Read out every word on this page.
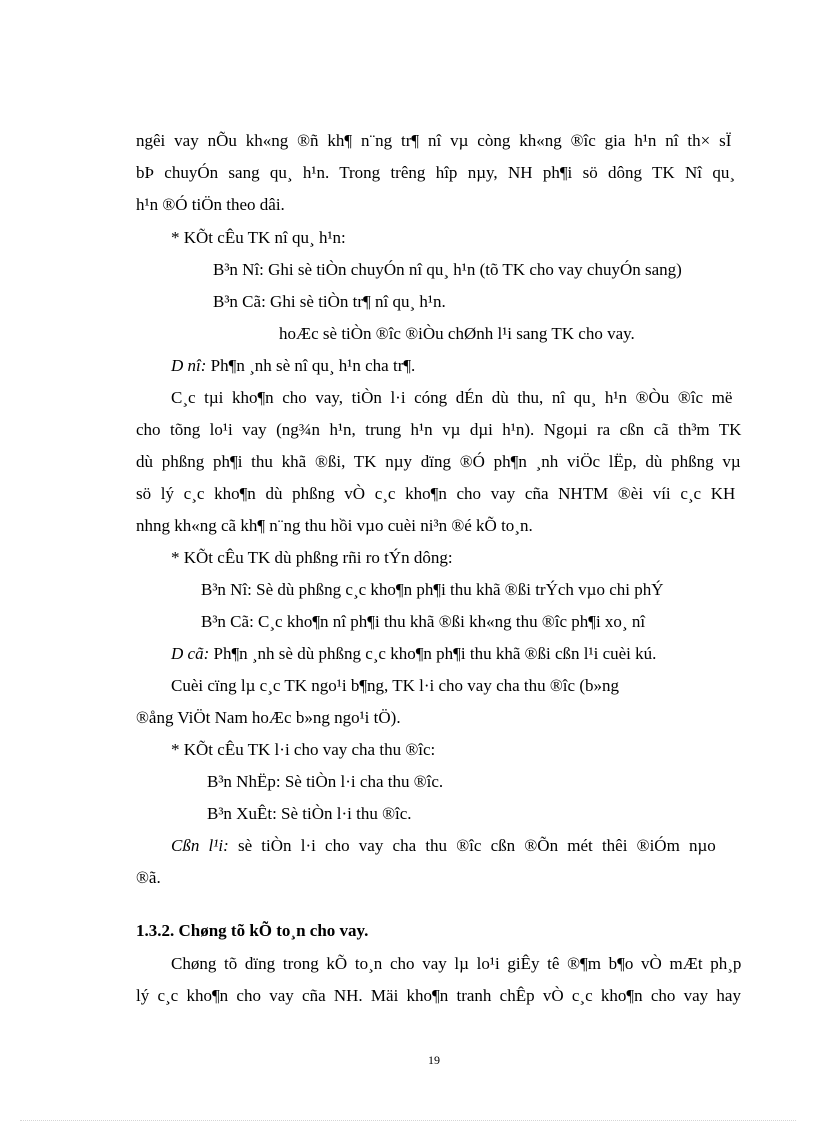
ngêi vay nÕu kh«ng ®ñ kh¶ n¨ng tr¶ nî vµ còng kh«ng ®îc gia h¹n nî th× sÏ
bÞ chuyÓn sang qu¸ h¹n. Trong trêng hîp nµy, NH ph¶i sö dông TK Nî qu¸
h¹n ®Ó tiÖn theo dâi.
* KÕt cÊu TK nî qu¸ h¹n:
B³n Nî: Ghi sè tiÒn chuyÓn nî qu¸ h¹n (tõ TK cho vay chuyÓn sang)
B³n Cã: Ghi sè tiÒn tr¶ nî qu¸ h¹n.
hoÆc sè tiÒn ®îc ®iÒu chØnh l¹i sang TK cho vay.
D nî: Ph¶n ¸nh sè nî qu¸ h¹n cha tr¶.
C¸c tµi kho¶n cho vay, tiÒn l·i cóng dÉn dù thu, nî qu¸ h¹n ®Òu ®îc më
cho tõng lo¹i vay (ng¾n h¹n, trung h¹n vµ dµi h¹n). Ngoµi ra cßn cã th³m TK
dù phßng ph¶i thu khã ®ßi, TK nµy dïng ®Ó ph¶n ¸nh viÖc lËp, dù phßng vµ
sö lý c¸c kho¶n dù phßng vÒ c¸c kho¶n cho vay cña NHTM ®èi víi c¸c KH
nhng kh«ng cã kh¶ n¨ng thu hồi vµo cuèi ni³n ®é kÕ to¸n.
* KÕt cÊu TK dù phßng rñi ro tÝn dông:
B³n Nî: Sè dù phßng c¸c kho¶n ph¶i thu khã ®ßi trÝch vµo chi phÝ
B³n Cã: C¸c kho¶n nî ph¶i thu khã ®ßi kh«ng thu ®îc ph¶i xo¸ nî
D cã: Ph¶n ¸nh sè dù phßng c¸c kho¶n ph¶i thu khã ®ßi cßn l¹i cuèi kú.
Cuèi cïng lµ c¸c TK ngo¹i b¶ng, TK l·i cho vay cha thu ®îc (b»ng
®ång ViÖt Nam hoÆc b»ng ngo¹i tÖ).
* KÕt cÊu TK l·i cho vay cha thu ®îc:
B³n NhËp: Sè tiÒn l·i cha thu ®îc.
B³n XuÊt: Sè tiÒn l·i thu ®îc.
Cßn l¹i: sè tiÒn l·i cho vay cha thu ®îc cßn ®Õn mét thêi ®iÓm nµo
®ã.
1.3.2. Chøng tõ kÕ to¸n cho vay.
Chøng tõ dïng trong kÕ to¸n cho vay lµ lo¹i giÊy tê ®¶m b¶o vÒ mÆt ph¸p
lý c¸c kho¶n cho vay cña NH. Mäi kho¶n tranh chÊp vÒ c¸c kho¶n cho vay hay
19
